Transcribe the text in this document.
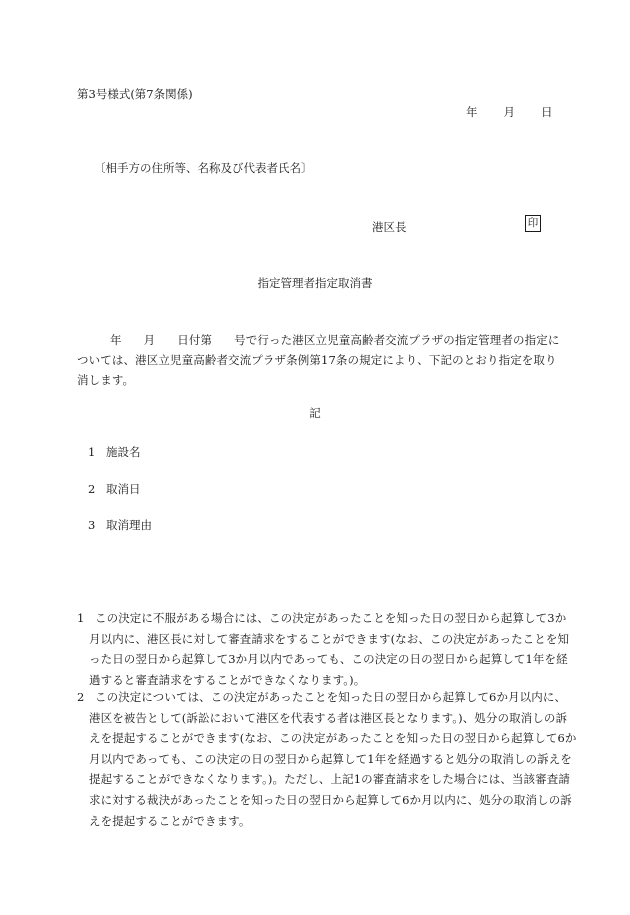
第3号様式(第7条関係)
年 月 日
〔相手方の住所等、名称及び代表者氏名〕
港区長	印
指定管理者指定取消書
年 月 日付第 号で行った港区立児童高齢者交流プラザの指定管理者の指定については、港区立児童高齢者交流プラザ条例第17条の規定により、下記のとおり指定を取り消します。
記
1 施設名
2 取消日
3 取消理由
1 この決定に不服がある場合には、この決定があったことを知った日の翌日から起算して3か月以内に、港区長に対して審査請求をすることができます(なお、この決定があったことを知った日の翌日から起算して3か月以内であっても、この決定の日の翌日から起算して1年を経過すると審査請求をすることができなくなります。)。
2 この決定については、この決定があったことを知った日の翌日から起算して6か月以内に、港区を被告として(訴訟において港区を代表する者は港区長となります。)、処分の取消しの訴えを提起することができます(なお、この決定があったことを知った日の翌日から起算して6か月以内であっても、この決定の日の翌日から起算して1年を経過すると処分の取消しの訴えを提起することができなくなります。)。ただし、上記1の審査請求をした場合には、当該審査請求に対する裁決があったことを知った日の翌日から起算して6か月以内に、処分の取消しの訴えを提起することができます。
